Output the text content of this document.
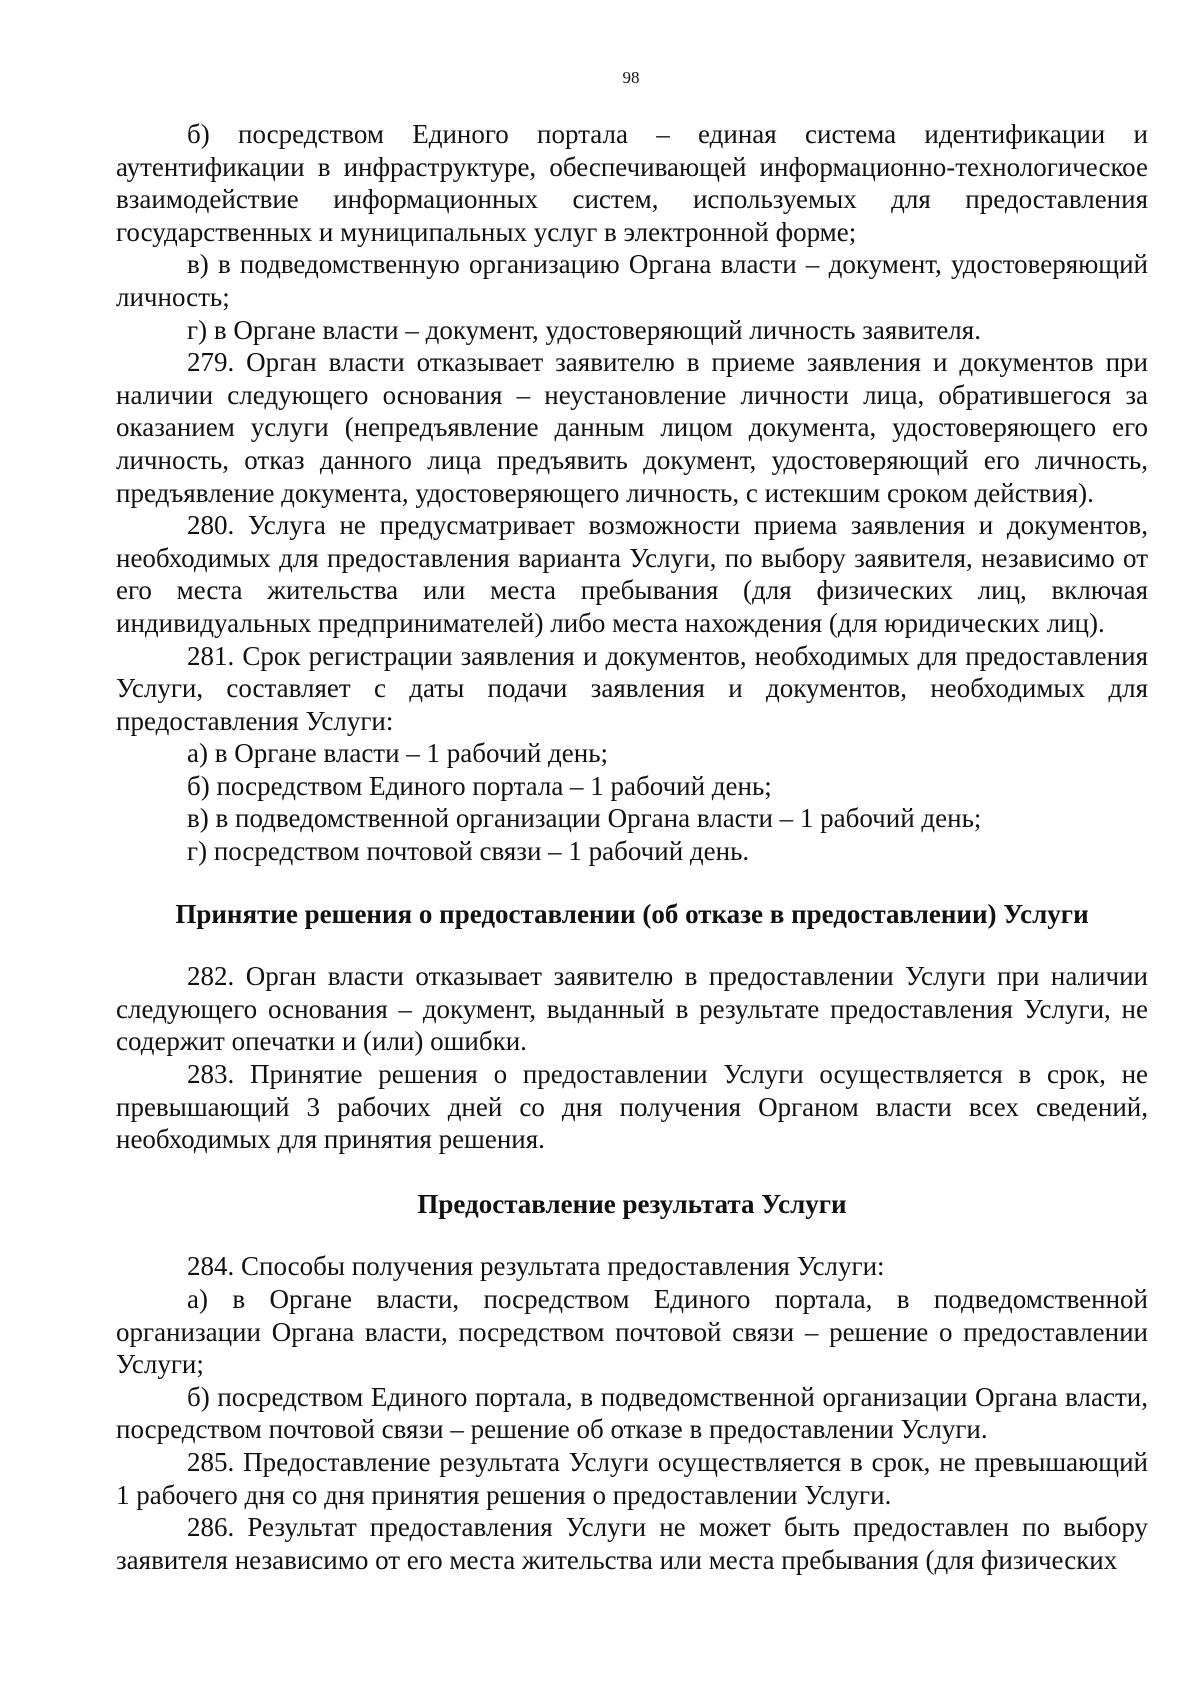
98

б) посредством Единого портала – единая система идентификации и аутентификации в инфраструктуре, обеспечивающей информационно-технологическое взаимодействие информационных систем, используемых для предоставления государственных и муниципальных услуг в электронной форме;

в) в подведомственную организацию Органа власти – документ, удостоверяющий личность;

г) в Органе власти – документ, удостоверяющий личность заявителя.

279. Орган власти отказывает заявителю в приеме заявления и документов при наличии следующего основания – неустановление личности лица, обратившегося за оказанием услуги (непредъявление данным лицом документа, удостоверяющего его личность, отказ данного лица предъявить документ, удостоверяющий его личность, предъявление документа, удостоверяющего личность, с истекшим сроком действия).

280. Услуга не предусматривает возможности приема заявления и документов, необходимых для предоставления варианта Услуги, по выбору заявителя, независимо от его места жительства или места пребывания (для физических лиц, включая индивидуальных предпринимателей) либо места нахождения (для юридических лиц).

281. Срок регистрации заявления и документов, необходимых для предоставления Услуги, составляет с даты подачи заявления и документов, необходимых для предоставления Услуги:

а) в Органе власти – 1 рабочий день;

б) посредством Единого портала – 1 рабочий день;

в) в подведомственной организации Органа власти – 1 рабочий день;

г) посредством почтовой связи – 1 рабочий день.

Принятие решения о предоставлении (об отказе в предоставлении) Услуги

282. Орган власти отказывает заявителю в предоставлении Услуги при наличии следующего основания – документ, выданный в результате предоставления Услуги, не содержит опечатки и (или) ошибки.

283. Принятие решения о предоставлении Услуги осуществляется в срок, не превышающий 3 рабочих дней со дня получения Органом власти всех сведений, необходимых для принятия решения.

Предоставление результата Услуги

284. Способы получения результата предоставления Услуги:

а) в Органе власти, посредством Единого портала, в подведомственной организации Органа власти, посредством почтовой связи – решение о предоставлении Услуги;

б) посредством Единого портала, в подведомственной организации Органа власти, посредством почтовой связи – решение об отказе в предоставлении Услуги.

285. Предоставление результата Услуги осуществляется в срок, не превышающий 1 рабочего дня со дня принятия решения о предоставлении Услуги.

286. Результат предоставления Услуги не может быть предоставлен по выбору заявителя независимо от его места жительства или места пребывания (для физических
